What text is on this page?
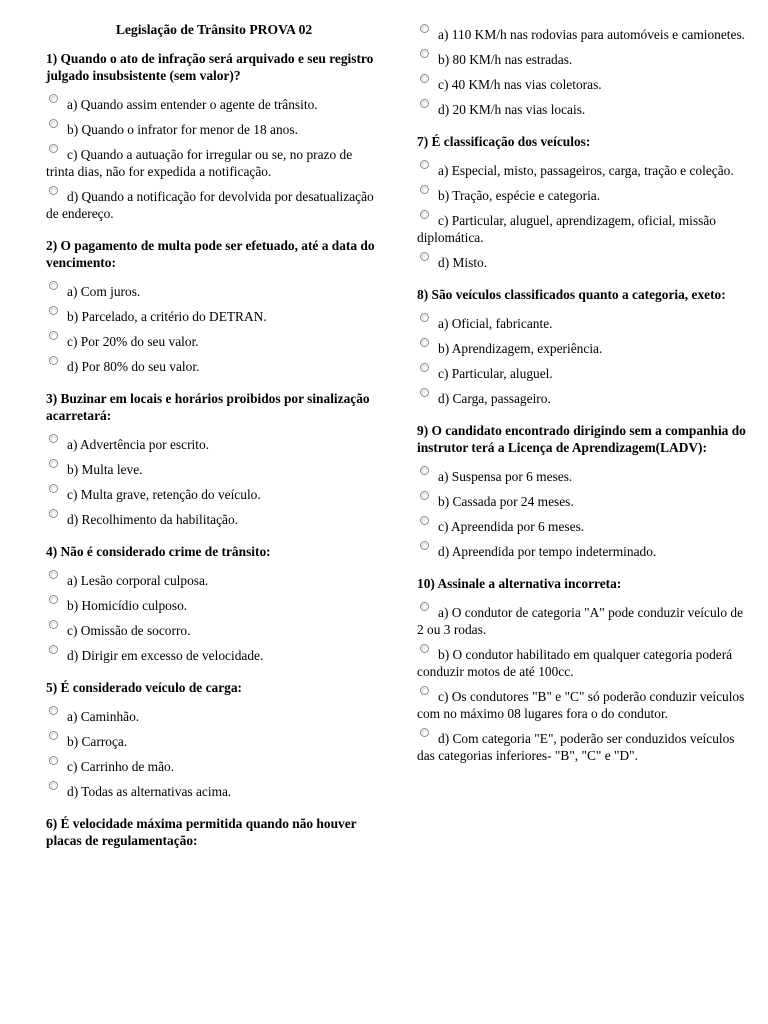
Legislação de Trânsito PROVA 02
1) Quando o ato de infração será arquivado e seu registro julgado insubsistente (sem valor)?
a) Quando assim entender o agente de trânsito.
b) Quando o infrator for menor de 18 anos.
c) Quando a autuação for irregular ou se, no prazo de trinta dias, não for expedida a notificação.
d) Quando a notificação for devolvida por desatualização de endereço.
2) O pagamento de multa pode ser efetuado, até a data do vencimento:
a) Com juros.
b) Parcelado, a critério do DETRAN.
c) Por 20% do seu valor.
d) Por 80% do seu valor.
3) Buzinar em locais e horários proibidos por sinalização acarretará:
a) Advertência por escrito.
b) Multa leve.
c) Multa grave, retenção do veículo.
d) Recolhimento da habilitação.
4) Não é considerado crime de trânsito:
a) Lesão corporal culposa.
b) Homicídio culposo.
c) Omissão de socorro.
d) Dirigir em excesso de velocidade.
5) É considerado veículo de carga:
a) Caminhão.
b) Carroça.
c) Carrinho de mão.
d) Todas as alternativas acima.
6) É velocidade máxima permitida quando não houver placas de regulamentação:
a) 110 KM/h nas rodovias para automóveis e camionetes.
b) 80 KM/h nas estradas.
c) 40 KM/h nas vias coletoras.
d) 20 KM/h nas vias locais.
7) É classificação dos veículos:
a) Especial, misto, passageiros, carga, tração e coleção.
b) Tração, espécie e categoria.
c) Particular, aluguel, aprendizagem, oficial, missão diplomática.
d) Misto.
8) São veículos classificados quanto a categoria, exeto:
a) Oficial, fabricante.
b) Aprendizagem, experiência.
c) Particular, aluguel.
d) Carga, passageiro.
9) O candidato encontrado dirigindo sem a companhia do instrutor terá a Licença de Aprendizagem(LADV):
a) Suspensa por 6 meses.
b) Cassada por 24 meses.
c) Apreendida por 6 meses.
d) Apreendida por tempo indeterminado.
10) Assinale a alternativa incorreta:
a) O condutor de categoria "A" pode conduzir veículo de 2 ou 3 rodas.
b) O condutor habilitado em qualquer categoria poderá conduzir motos de até 100cc.
c) Os condutores "B" e "C" só poderão conduzir veículos com no máximo 08 lugares fora o do condutor.
d) Com categoria "E", poderão ser conduzidos veículos das categorias inferiores- "B", "C" e "D".
